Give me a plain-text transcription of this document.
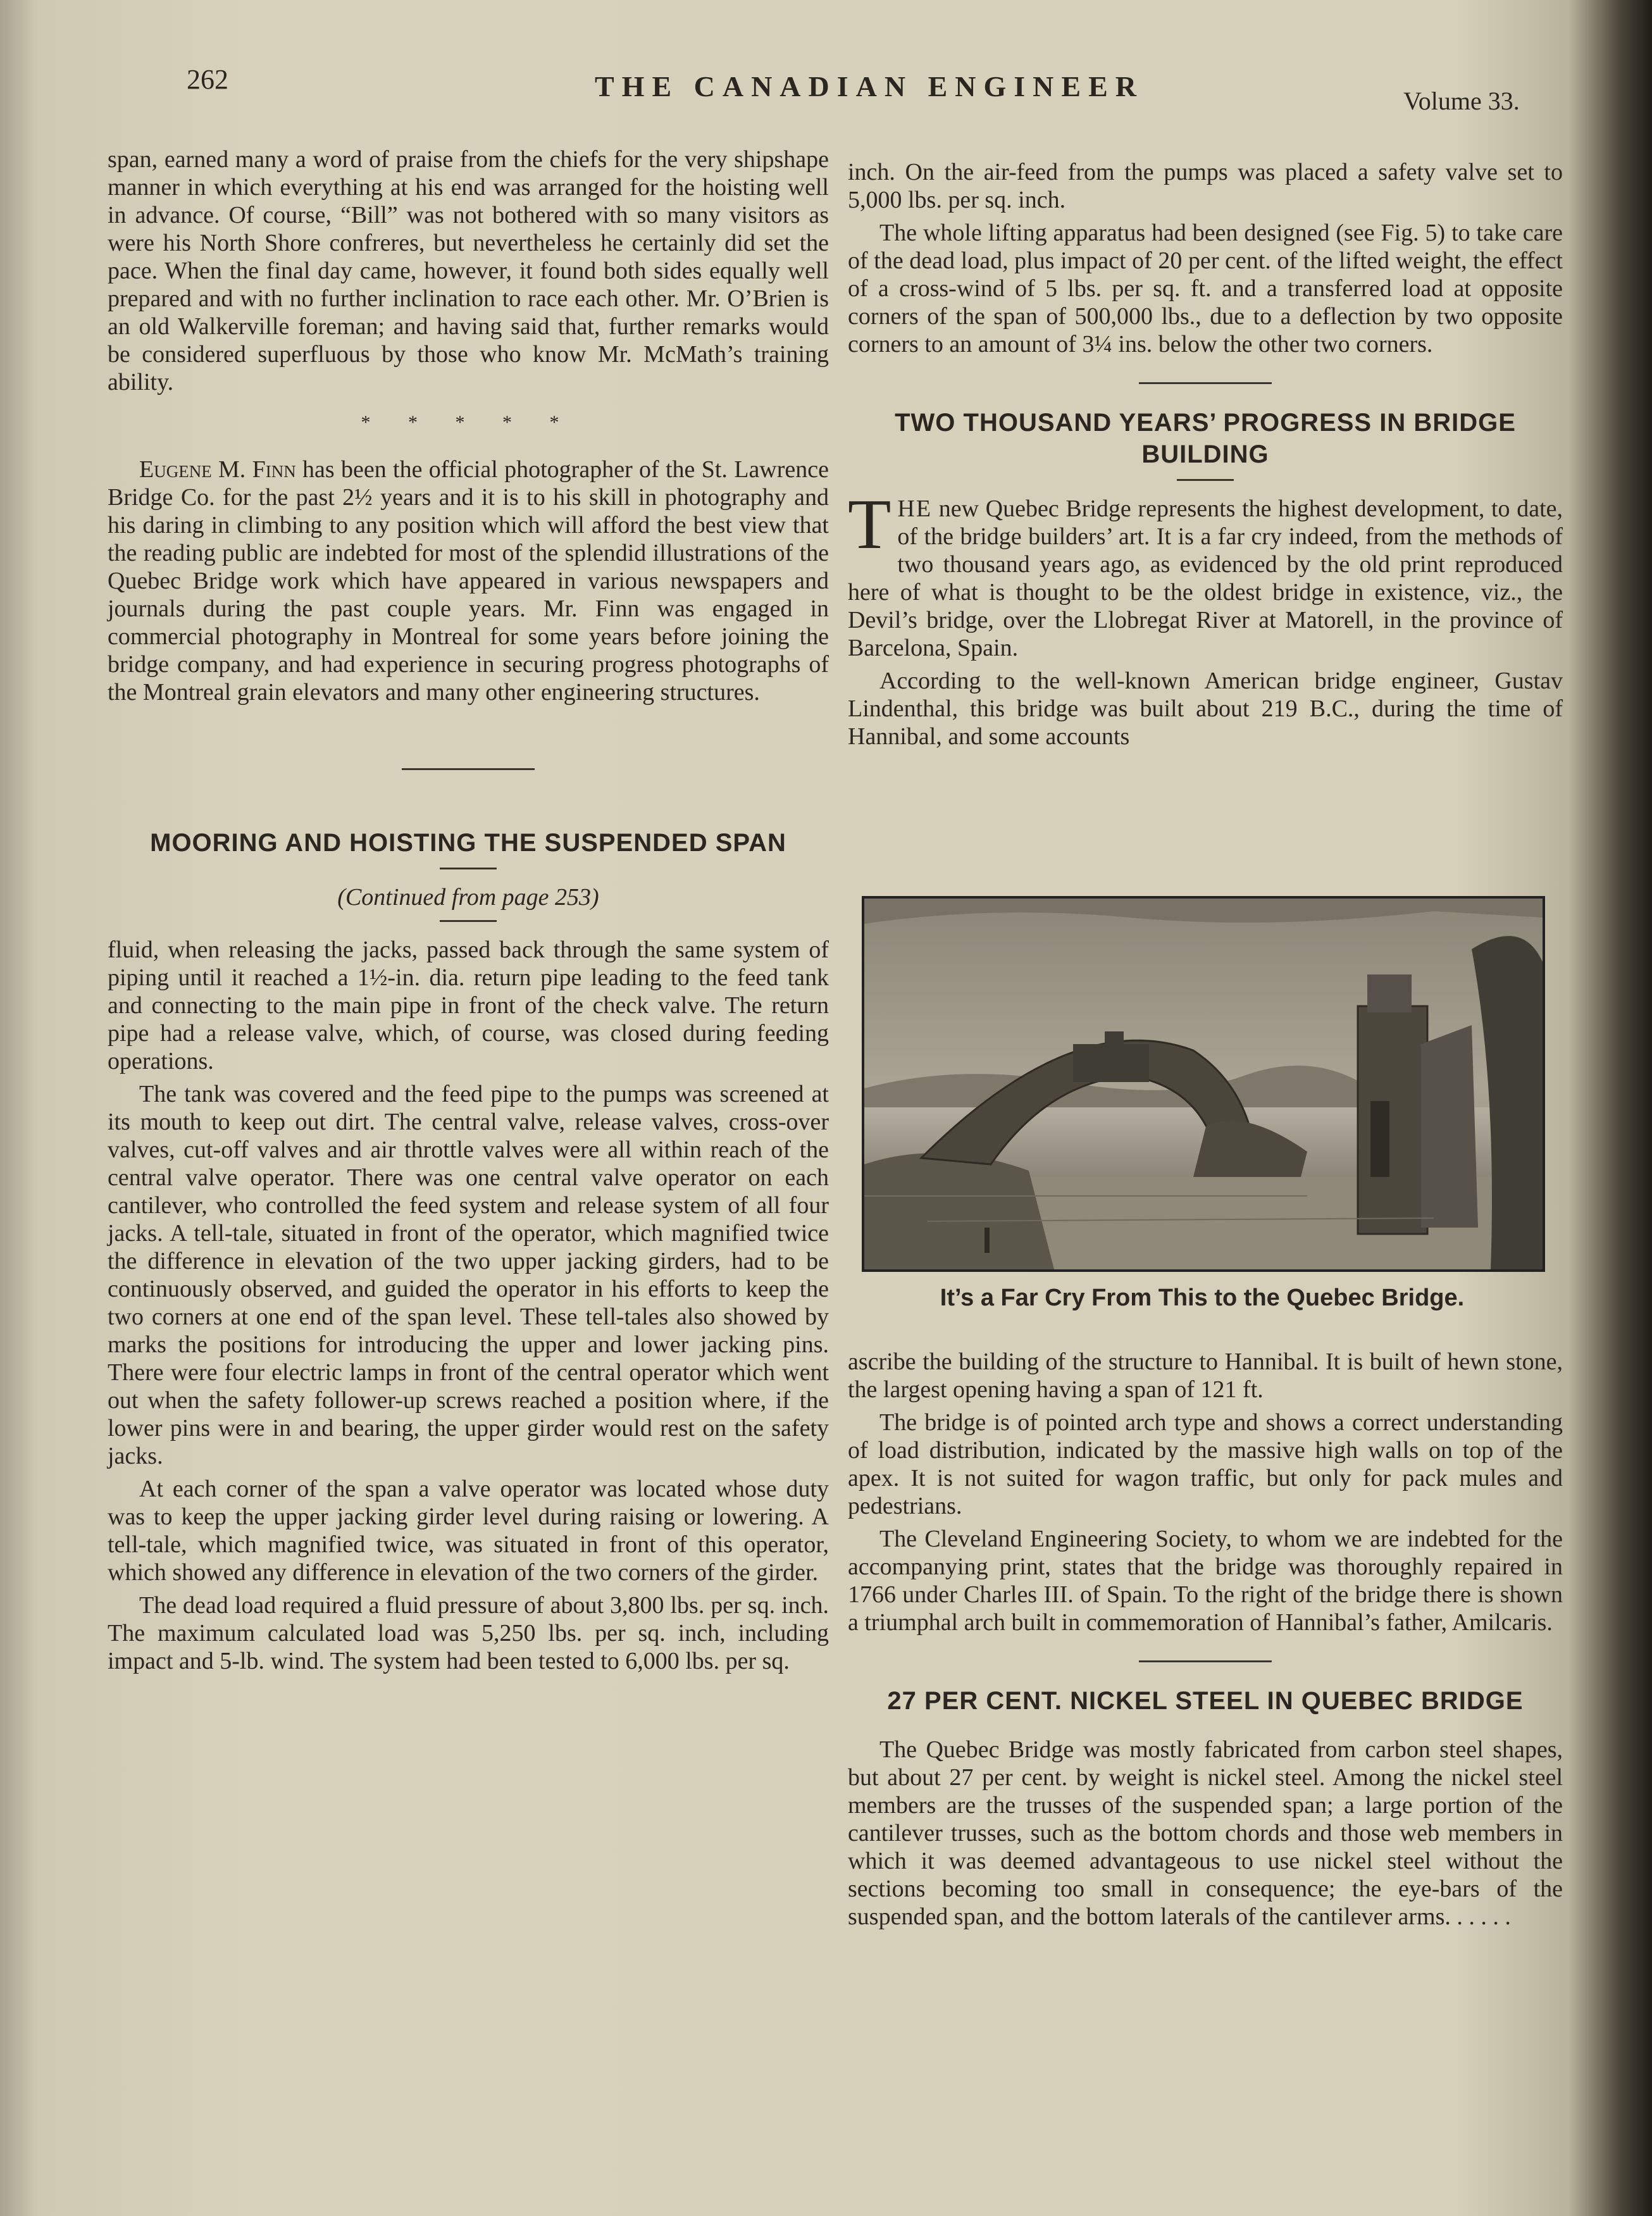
262	THE CANADIAN ENGINEER	Volume 33.

span, earned many a word of praise from the chiefs for the very shipshape manner in which everything at his end was arranged for the hoisting well in advance. Of course, “Bill” was not bothered with so many visitors as were his North Shore confreres, but nevertheless he certainly did set the pace. When the final day came, however, it found both sides equally well prepared and with no further inclination to race each other. Mr. O’Brien is an old Walkerville foreman; and having said that, further remarks would be considered superfluous by those who know Mr. McMath’s training ability.

* * * * *

Eugene M. Finn has been the official photographer of the St. Lawrence Bridge Co. for the past 2½ years and it is to his skill in photography and his daring in climbing to any position which will afford the best view that the reading public are indebted for most of the splendid illustrations of the Quebec Bridge work which have appeared in various newspapers and journals during the past couple years. Mr. Finn was engaged in commercial photography in Montreal for some years before joining the bridge company, and had experience in securing progress photographs of the Montreal grain elevators and many other engineering structures.

MOORING AND HOISTING THE SUSPENDED SPAN
(Continued from page 253)

fluid, when releasing the jacks, passed back through the same system of piping until it reached a 1½-in. dia. return pipe leading to the feed tank and connecting to the main pipe in front of the check valve. The return pipe had a release valve, which, of course, was closed during feeding operations.

The tank was covered and the feed pipe to the pumps was screened at its mouth to keep out dirt. The central valve, release valves, cross-over valves, cut-off valves and air throttle valves were all within reach of the central valve operator. There was one central valve operator on each cantilever, who controlled the feed system and release system of all four jacks. A tell-tale, situated in front of the operator, which magnified twice the difference in elevation of the two upper jacking girders, had to be continuously observed, and guided the operator in his efforts to keep the two corners at one end of the span level. These tell-tales also showed by marks the positions for introducing the upper and lower jacking pins. There were four electric lamps in front of the central operator which went out when the safety follower-up screws reached a position where, if the lower pins were in and bearing, the upper girder would rest on the safety jacks.

At each corner of the span a valve operator was located whose duty was to keep the upper jacking girder level during raising or lowering. A tell-tale, which magnified twice, was situated in front of this operator, which showed any difference in elevation of the two corners of the girder.

The dead load required a fluid pressure of about 3,800 lbs. per sq. inch. The maximum calculated load was 5,250 lbs. per sq. inch, including impact and 5-lb. wind. The system had been tested to 6,000 lbs. per sq.

inch. On the air-feed from the pumps was placed a safety valve set to 5,000 lbs. per sq. inch.

The whole lifting apparatus had been designed (see Fig. 5) to take care of the dead load, plus impact of 20 per cent. of the lifted weight, the effect of a cross-wind of 5 lbs. per sq. ft. and a transferred load at opposite corners of the span of 500,000 lbs., due to a deflection by two opposite corners to an amount of 3¼ ins. below the other two corners.

TWO THOUSAND YEARS’ PROGRESS IN BRIDGE BUILDING

THE new Quebec Bridge represents the highest development, to date, of the bridge builders’ art. It is a far cry indeed, from the methods of two thousand years ago, as evidenced by the old print reproduced here of what is thought to be the oldest bridge in existence, viz., the Devil’s bridge, over the Llobregat River at Matorell, in the province of Barcelona, Spain.

According to the well-known American bridge engineer, Gustav Lindenthal, this bridge was built about 219 B.C., during the time of Hannibal, and some accounts

It’s a Far Cry From This to the Quebec Bridge.

ascribe the building of the structure to Hannibal. It is built of hewn stone, the largest opening having a span of 121 ft.

The bridge is of pointed arch type and shows a correct understanding of load distribution, indicated by the massive high walls on top of the apex. It is not suited for wagon traffic, but only for pack mules and pedestrians.

The Cleveland Engineering Society, to whom we are indebted for the accompanying print, states that the bridge was thoroughly repaired in 1766 under Charles III. of Spain. To the right of the bridge there is shown a triumphal arch built in commemoration of Hannibal’s father, Amilcaris.

27 PER CENT. NICKEL STEEL IN QUEBEC BRIDGE

The Quebec Bridge was mostly fabricated from carbon steel shapes, but about 27 per cent. by weight is nickel steel. Among the nickel steel members are the trusses of the suspended span; a large portion of the cantilever trusses, such as the bottom chords and those web members in which it was deemed advantageous to use nickel steel without the sections becoming too small in consequence; the eye-bars of the suspended span, and the bottom laterals of the cantilever arms. . . . . .
